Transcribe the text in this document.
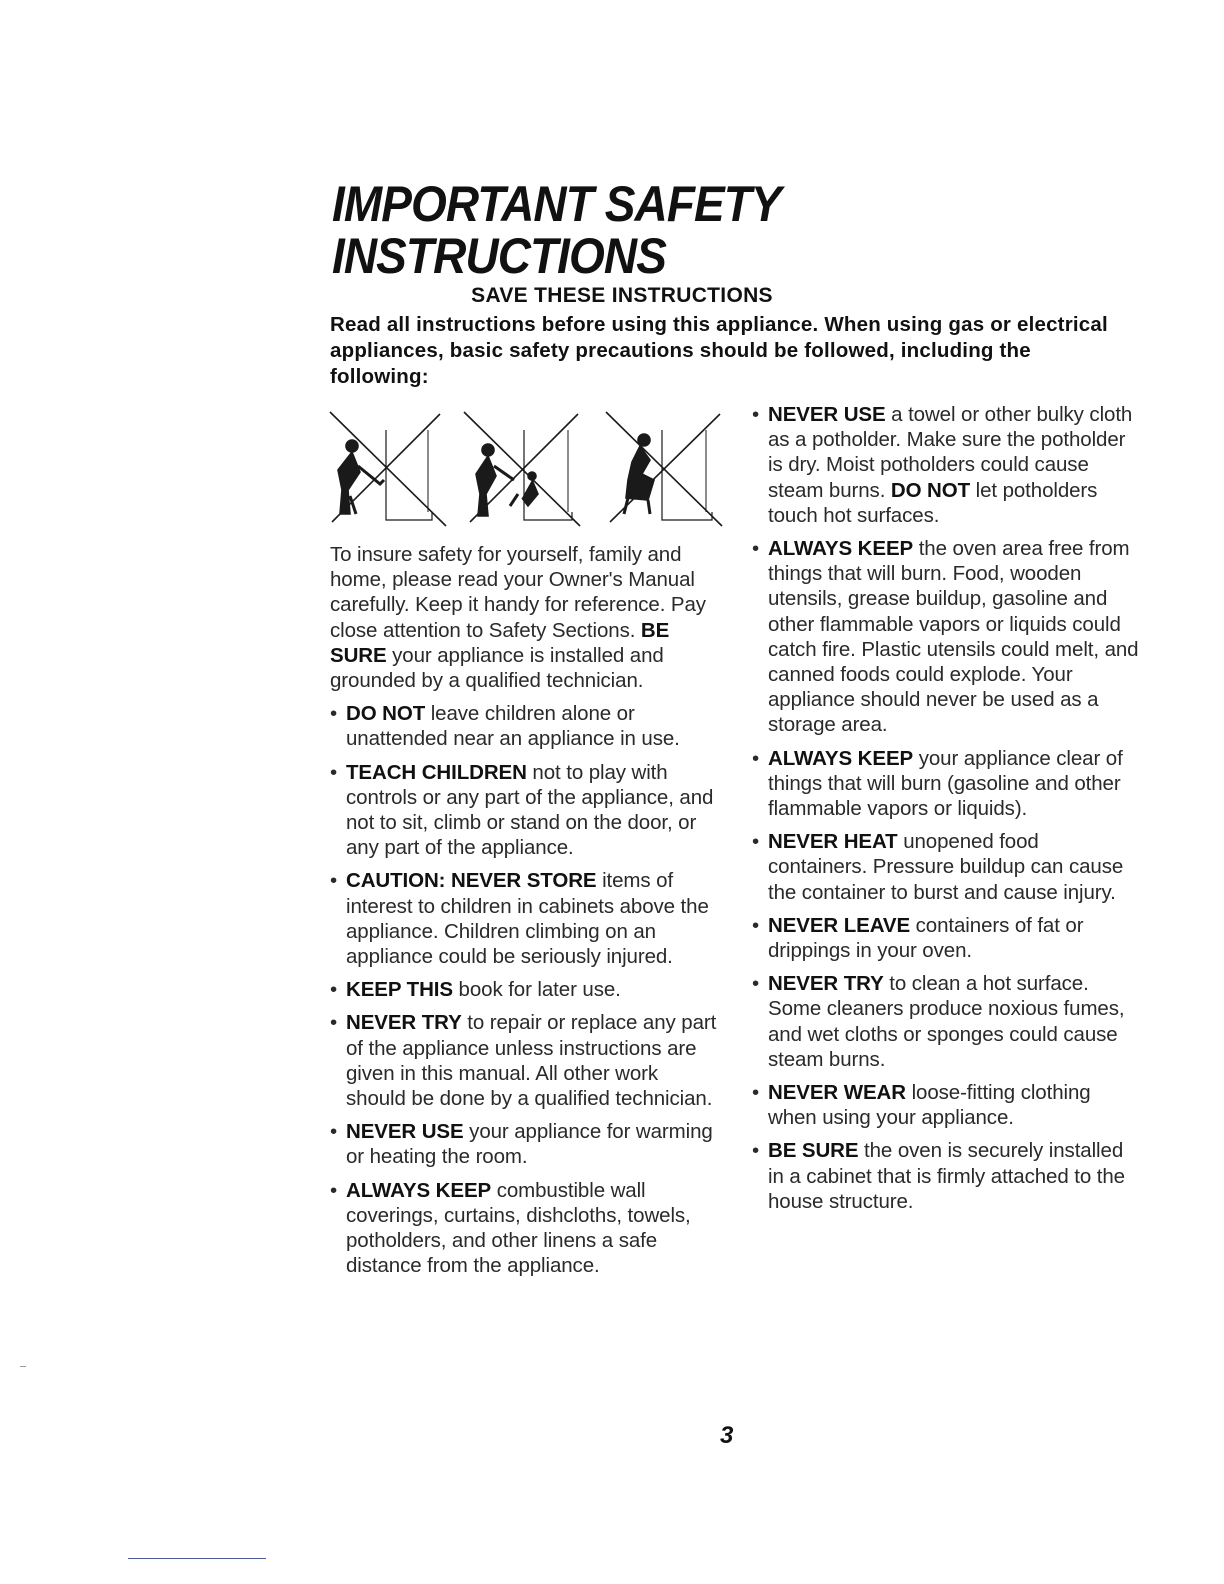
IMPORTANT SAFETY
INSTRUCTIONS
SAVE THESE INSTRUCTIONS

Read all instructions before using this appliance. When using gas or electrical appliances, basic safety precautions should be followed, including the following:

To insure safety for yourself, family and home, please read your Owner's Manual carefully. Keep it handy for reference. Pay close attention to Safety Sections. BE SURE your appliance is installed and grounded by a qualified technician.

• DO NOT leave children alone or unattended near an appliance in use.

• TEACH CHILDREN not to play with controls or any part of the appliance, and not to sit, climb or stand on the door, or any part of the appliance.

• CAUTION: NEVER STORE items of interest to children in cabinets above the appliance. Children climbing on an appliance could be seriously injured.

• KEEP THIS book for later use.

• NEVER TRY to repair or replace any part of the appliance unless instructions are given in this manual. All other work should be done by a qualified technician.

• NEVER USE your appliance for warming or heating the room.

• ALWAYS KEEP combustible wall coverings, curtains, dishcloths, towels, potholders, and other linens a safe distance from the appliance.

• NEVER USE a towel or other bulky cloth as a potholder. Make sure the potholder is dry. Moist potholders could cause steam burns. DO NOT let potholders touch hot surfaces.

• ALWAYS KEEP the oven area free from things that will burn. Food, wooden utensils, grease buildup, gasoline and other flammable vapors or liquids could catch fire. Plastic utensils could melt, and canned foods could explode. Your appliance should never be used as a storage area.

• ALWAYS KEEP your appliance clear of things that will burn (gasoline and other flammable vapors or liquids).

• NEVER HEAT unopened food containers. Pressure buildup can cause the container to burst and cause injury.

• NEVER LEAVE containers of fat or drippings in your oven.

• NEVER TRY to clean a hot surface. Some cleaners produce noxious fumes, and wet cloths or sponges could cause steam burns.

• NEVER WEAR loose-fitting clothing when using your appliance.

• BE SURE the oven is securely installed in a cabinet that is firmly attached to the house structure.

3
